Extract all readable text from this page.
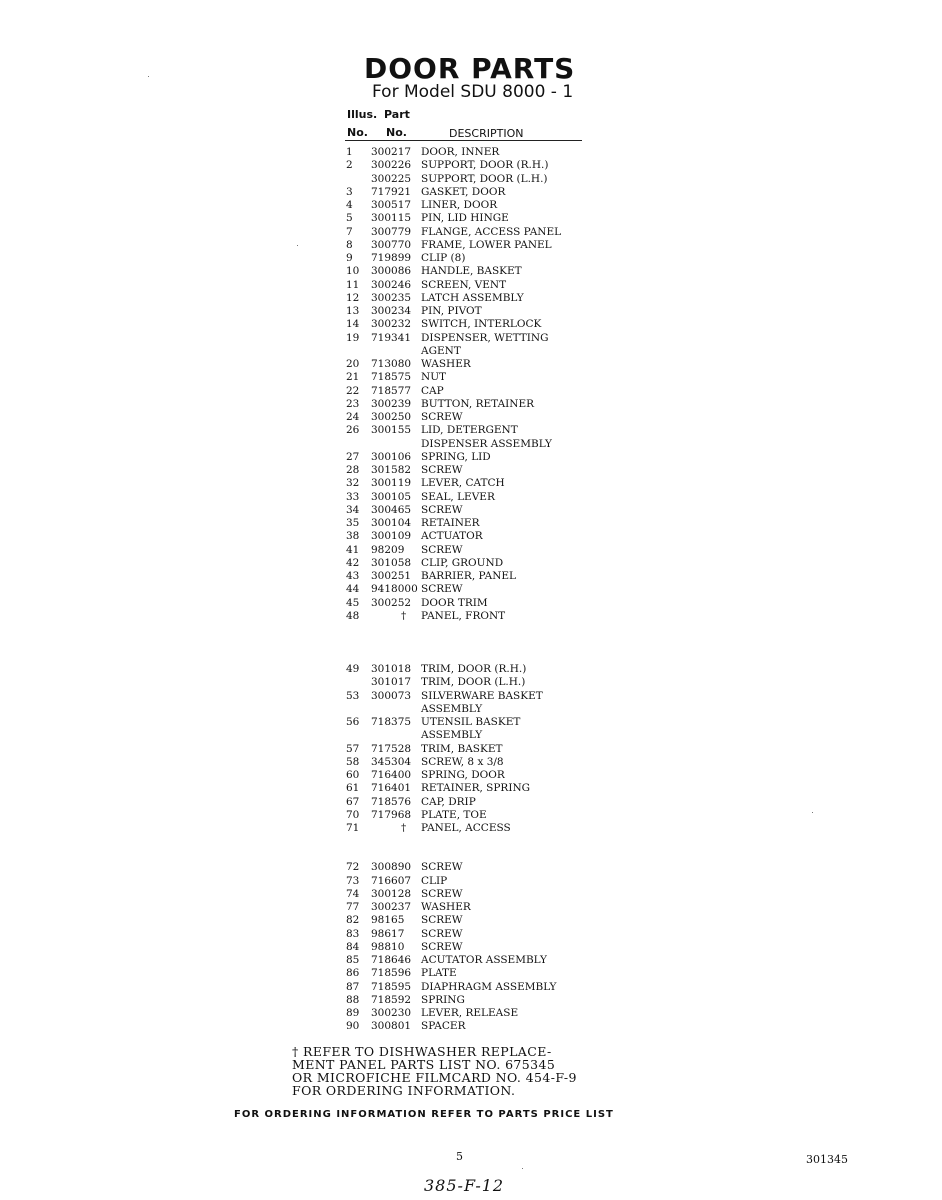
DOOR PARTS
For Model SDU 8000 - 1
Illus. Part
No. No.	DESCRIPTION
1	300217 DOOR, INNER
2	300226 SUPPORT, DOOR (R.H.)
300225 SUPPORT, DOOR (L.H.)
3	717921 GASKET, DOOR
4	300517 LINER, DOOR
5	300115 PIN, LID HINGE
7	300779 FLANGE, ACCESS PANEL
8	300770 FRAME, LOWER PANEL
9	719899 CLIP (8)
10	300086 HANDLE, BASKET
11	300246 SCREEN, VENT
12	300235 LATCH ASSEMBLY
13	300234 PIN, PIVOT
14	300232 SWITCH, INTERLOCK
19	719341 DISPENSER, WETTING
AGENT
20	713080 WASHER
21	718575 NUT
22	718577 CAP
23	300239 BUTTON, RETAINER
24	300250 SCREW
26	300155 LID, DETERGENT
DISPENSER ASSEMBLY
27	300106 SPRING, LID
28	301582 SCREW
32	300119 LEVER, CATCH
33	300105 SEAL, LEVER
34	300465 SCREW
35	300104 RETAINER
38	300109 ACTUATOR
41	98209 SCREW
42	301058 CLIP, GROUND
43	300251 BARRIER, PANEL
44	9418000 SCREW
45	300252 DOOR TRIM
48	† PANEL, FRONT
49	301018 TRIM, DOOR (R.H.)
301017 TRIM, DOOR (L.H.)
53	300073 SILVERWARE BASKET
ASSEMBLY
56	718375 UTENSIL BASKET
ASSEMBLY
57	717528 TRIM, BASKET
58	345304 SCREW, 8 x 3/8
60	716400 SPRING, DOOR
61	716401 RETAINER, SPRING
67	718576 CAP, DRIP
70	717968 PLATE, TOE
71	† PANEL, ACCESS
72	300890 SCREW
73	716607 CLIP
74	300128 SCREW
77	300237 WASHER
82	98165 SCREW
83	98617 SCREW
84	98810 SCREW
85	718646 ACUTATOR ASSEMBLY
86	718596 PLATE
87	718595 DIAPHRAGM ASSEMBLY
88	718592 SPRING
89	300230 LEVER, RELEASE
90	300801 SPACER
† REFER TO DISHWASHER REPLACE-
MENT PANEL PARTS LIST NO. 675345
OR MICROFICHE FILMCARD NO. 454-F-9
FOR ORDERING INFORMATION.
FOR ORDERING INFORMATION REFER TO PARTS PRICE LIST
5	301345
385-F-12
